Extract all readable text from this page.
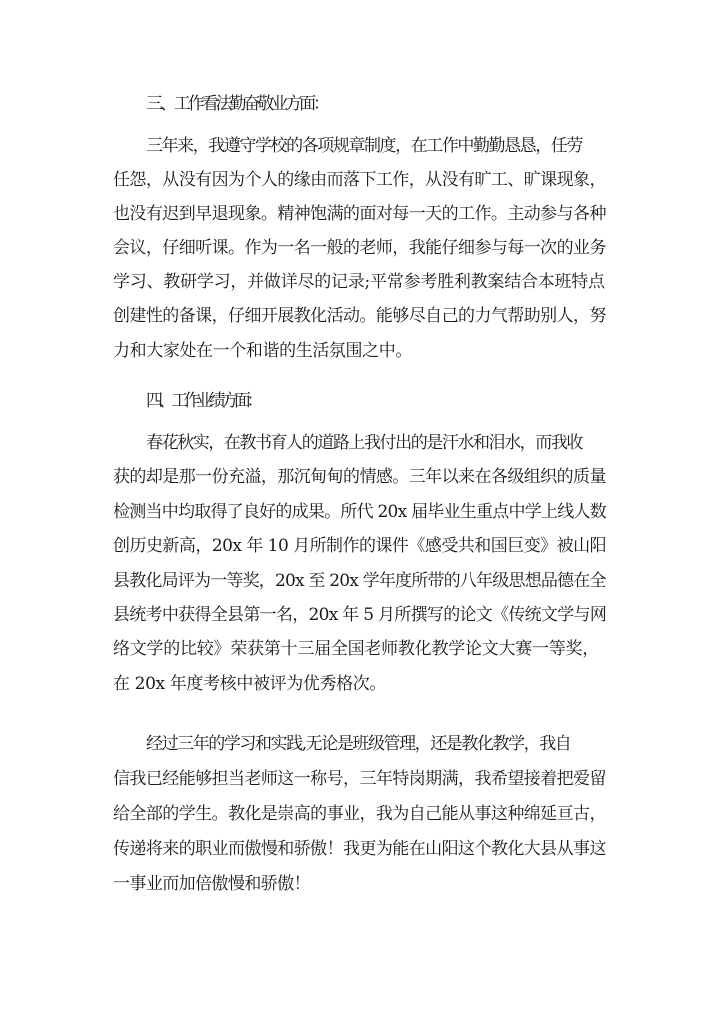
三、工作看法勤奋敬业方面：
三年来，我遵守学校的各项规章制度，在工作中勤勤恳恳，任劳
任怨，从没有因为个人的缘由而落下工作，从没有旷工、旷课现象，
也没有迟到早退现象。精神饱满的面对每一天的工作。主动参与各种
会议，仔细听课。作为一名一般的老师，我能仔细参与每一次的业务
学习、教研学习，并做详尽的记录;平常参考胜利教案结合本班特点
创建性的备课，仔细开展教化活动。能够尽自己的力气帮助别人，努
力和大家处在一个和谐的生活氛围之中。
四、工作业绩方面：
春花秋实，在教书育人的道路上我付出的是汗水和泪水，而我收
获的却是那一份充溢，那沉甸甸的情感。三年以来在各级组织的质量
检测当中均取得了良好的成果。所代 20x 届毕业生重点中学上线人数
创历史新高，20x 年 10 月所制作的课件《感受共和国巨变》被山阳
县教化局评为一等奖，20x 至 20x 学年度所带的八年级思想品德在全
县统考中获得全县第一名，20x 年 5 月所撰写的论文《传统文学与网
络文学的比较》荣获第十三届全国老师教化教学论文大赛一等奖，
在 20x 年度考核中被评为优秀格次。
经过三年的学习和实践,无论是班级管理，还是教化教学，我自
信我已经能够担当老师这一称号，三年特岗期满，我希望接着把爱留
给全部的学生。教化是崇高的事业，我为自己能从事这种绵延亘古，
传递将来的职业而傲慢和骄傲！我更为能在山阳这个教化大县从事这
一事业而加倍傲慢和骄傲！
